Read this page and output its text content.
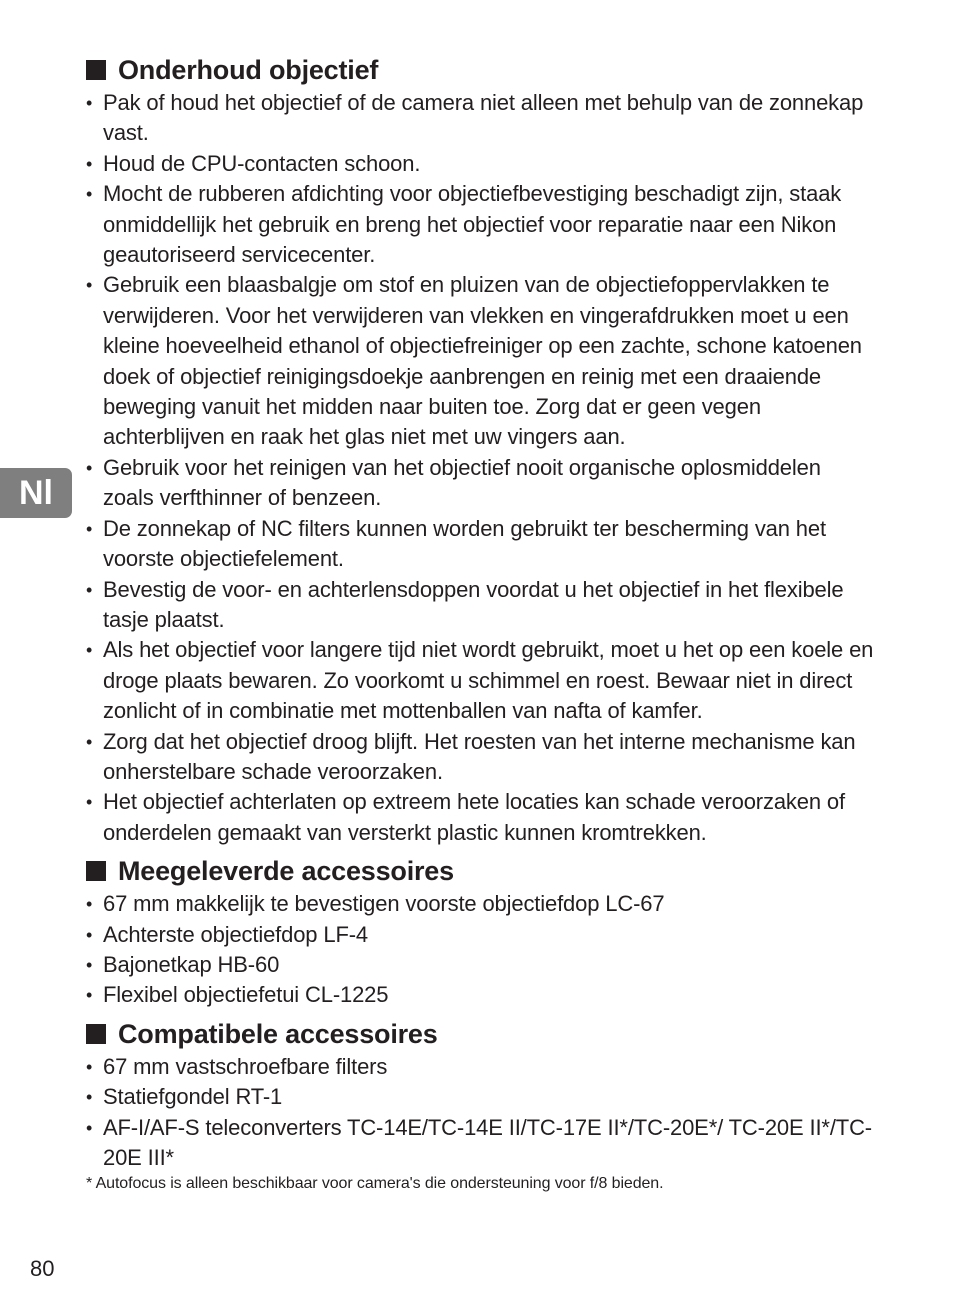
Nl
Onderhoud objectief
• Pak of houd het objectief of de camera niet alleen met behulp van de zonnekap vast.
• Houd de CPU-contacten schoon.
• Mocht de rubberen afdichting voor objectiefbevestiging beschadigt zijn, staak onmiddellijk het gebruik en breng het objectief voor reparatie naar een Nikon geautoriseerd servicecenter.
• Gebruik een blaasbalgje om stof en pluizen van de objectiefoppervlakken te verwijderen. Voor het verwijderen van vlekken en vingerafdrukken moet u een kleine hoeveelheid ethanol of objectiefreiniger op een zachte, schone katoenen doek of objectief reinigingsdoekje aanbrengen en reinig met een draaiende beweging vanuit het midden naar buiten toe. Zorg dat er geen vegen achterblijven en raak het glas niet met uw vingers aan.
• Gebruik voor het reinigen van het objectief nooit organische oplosmiddelen zoals verfthinner of benzeen.
• De zonnekap of NC filters kunnen worden gebruikt ter bescherming van het voorste objectiefelement.
• Bevestig de voor- en achterlensdoppen voordat u het objectief in het flexibele tasje plaatst.
• Als het objectief voor langere tijd niet wordt gebruikt, moet u het op een koele en droge plaats bewaren. Zo voorkomt u schimmel en roest. Bewaar niet in direct zonlicht of in combinatie met mottenballen van nafta of kamfer.
• Zorg dat het objectief droog blijft. Het roesten van het interne mechanisme kan onherstelbare schade veroorzaken.
• Het objectief achterlaten op extreem hete locaties kan schade veroorzaken of onderdelen gemaakt van versterkt plastic kunnen kromtrekken.
Meegeleverde accessoires
• 67 mm makkelijk te bevestigen voorste objectiefdop LC-67
• Achterste objectiefdop LF-4
• Bajonetkap HB-60
• Flexibel objectiefetui CL-1225
Compatibele accessoires
• 67 mm vastschroefbare filters
• Statiefgondel RT-1
• AF-I/AF-S teleconverters TC-14E/TC-14E II/TC-17E II*/TC-20E*/ TC-20E II*/TC-20E III*

* Autofocus is alleen beschikbaar voor camera's die ondersteuning voor f/8 bieden.

80
